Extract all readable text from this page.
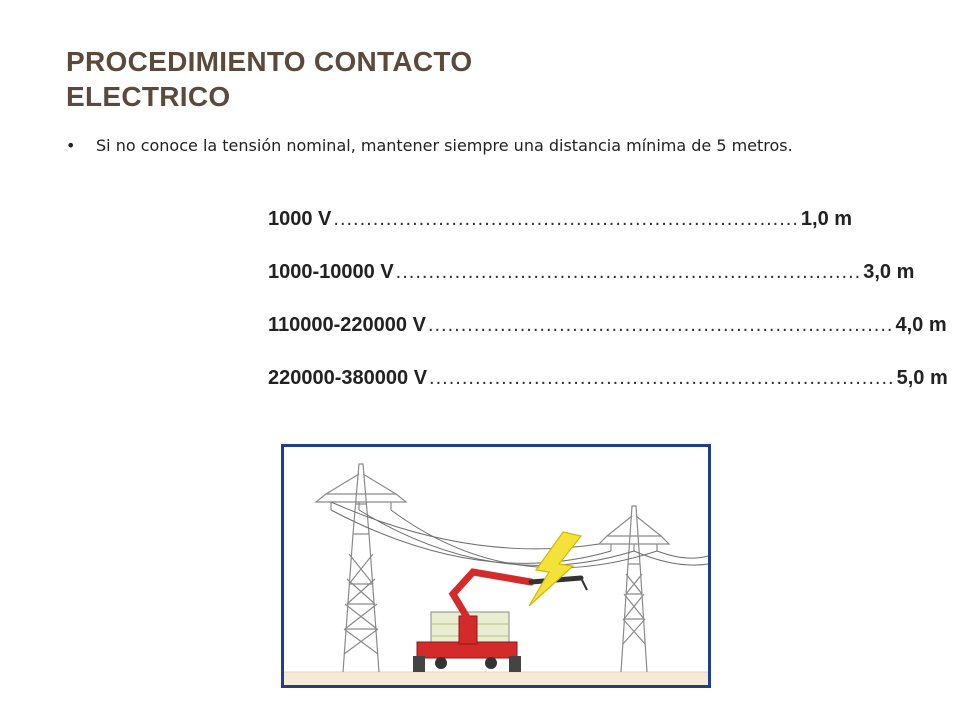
PROCEDIMIENTO CONTACTO
ELECTRICO
• Si no conoce la tensión nominal, mantener siempre una distancia mínima de 5 metros.
1000 V ....................................................................... 1,0 m
1000-10000 V ....................................................................... 3,0 m
110000-220000 V ....................................................................... 4,0 m
220000-380000 V ....................................................................... 5,0 m
